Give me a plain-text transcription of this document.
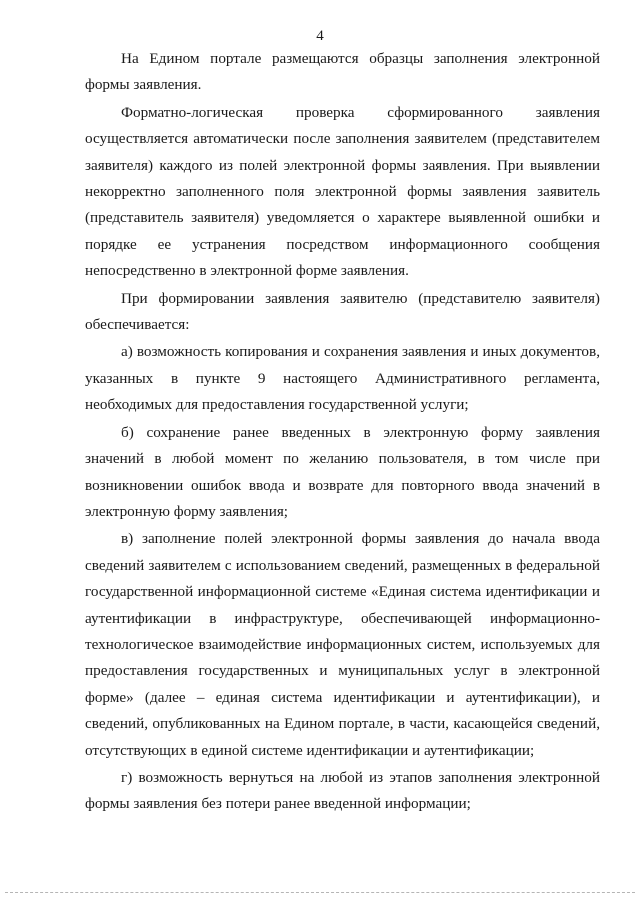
4

На Едином портале размещаются образцы заполнения электронной формы заявления.

Форматно-логическая проверка сформированного заявления осуществляется автоматически после заполнения заявителем (представителем заявителя) каждого из полей электронной формы заявления. При выявлении некорректно заполненного поля электронной формы заявления заявитель (представитель заявителя) уведомляется о характере выявленной ошибки и порядке ее устранения посредством информационного сообщения непосредственно в электронной форме заявления.

При формировании заявления заявителю (представителю заявителя) обеспечивается:

а) возможность копирования и сохранения заявления и иных документов, указанных в пункте 9 настоящего Административного регламента, необходимых для предоставления государственной услуги;

б) сохранение ранее введенных в электронную форму заявления значений в любой момент по желанию пользователя, в том числе при возникновении ошибок ввода и возврате для повторного ввода значений в электронную форму заявления;

в) заполнение полей электронной формы заявления до начала ввода сведений заявителем с использованием сведений, размещенных в федеральной государственной информационной системе «Единая система идентификации и аутентификации в инфраструктуре, обеспечивающей информационно-технологическое взаимодействие информационных систем, используемых для предоставления государственных и муниципальных услуг в электронной форме» (далее – единая система идентификации и аутентификации), и сведений, опубликованных на Едином портале, в части, касающейся сведений, отсутствующих в единой системе идентификации и аутентификации;

г) возможность вернуться на любой из этапов заполнения электронной формы заявления без потери ранее введенной информации;
